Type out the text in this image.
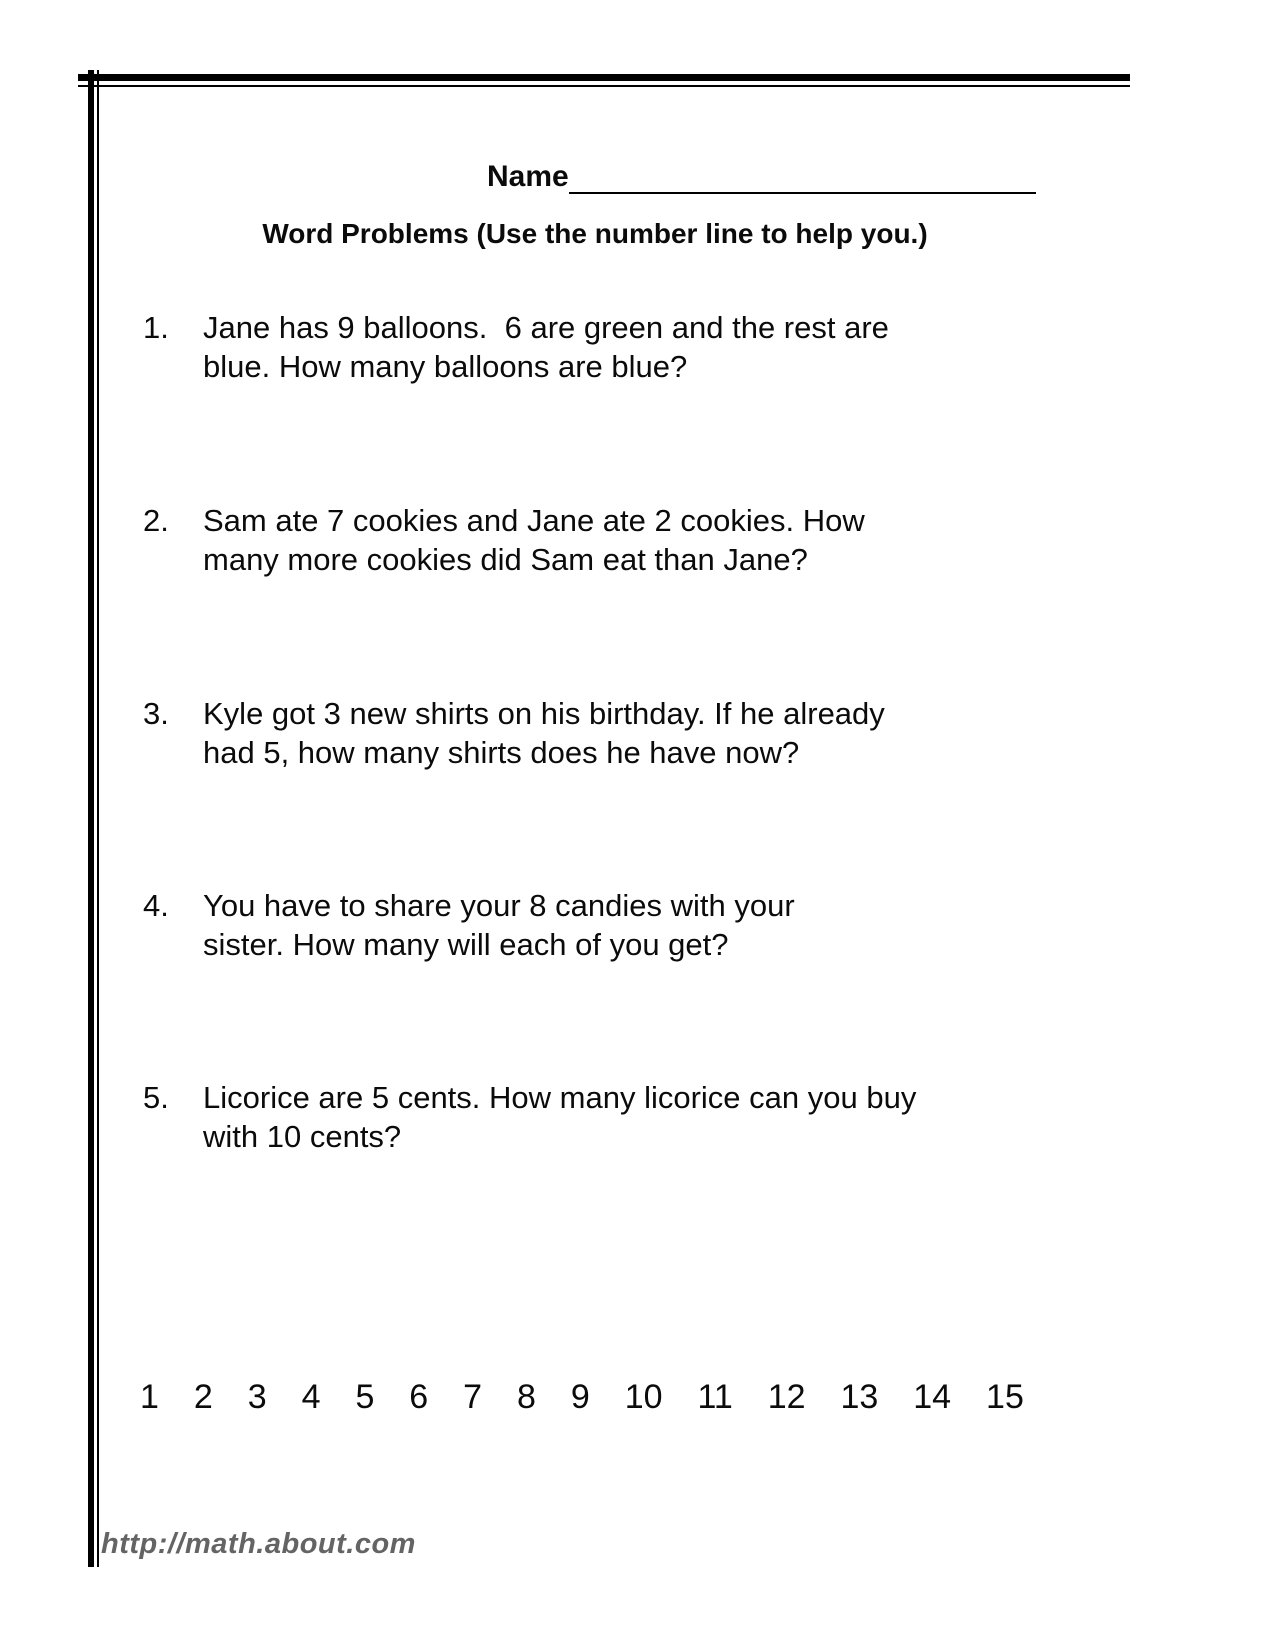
Name
Word Problems (Use the number line to help you.)
1.	Jane has 9 balloons.  6 are green and the rest are
blue. How many balloons are blue?
2.	Sam ate 7 cookies and Jane ate 2 cookies. How
many more cookies did Sam eat than Jane?
3.	Kyle got 3 new shirts on his birthday. If he already
had 5, how many shirts does he have now?
4.	You have to share your 8 candies with your
sister. How many will each of you get?
5.	Licorice are 5 cents. How many licorice can you buy
with 10 cents?
1 2 3 4 5 6 7 8 9 10 11 12 13 14 15
http://math.about.com
